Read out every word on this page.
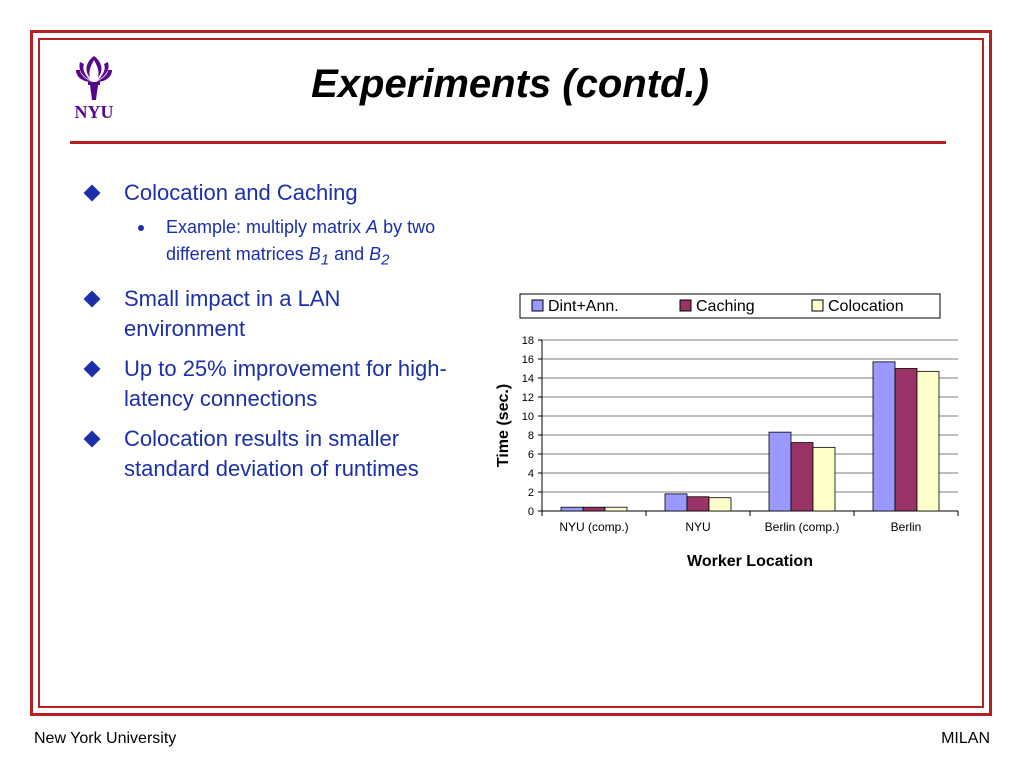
NYU
Experiments (contd.)
Colocation and Caching
Example: multiply matrix A by two different matrices $B_1$ and $B_2$
Small impact in a LAN environment
Up to 25% improvement for high-latency connections
Colocation results in smaller standard deviation of runtimes
Dint+Ann.	Caching	Colocation
0
2
4
6
8
10
12
14
16
18
NYU (comp.)	NYU	Berlin (comp.)	Berlin
Worker Location
Time (sec.)
New York University	MILAN
